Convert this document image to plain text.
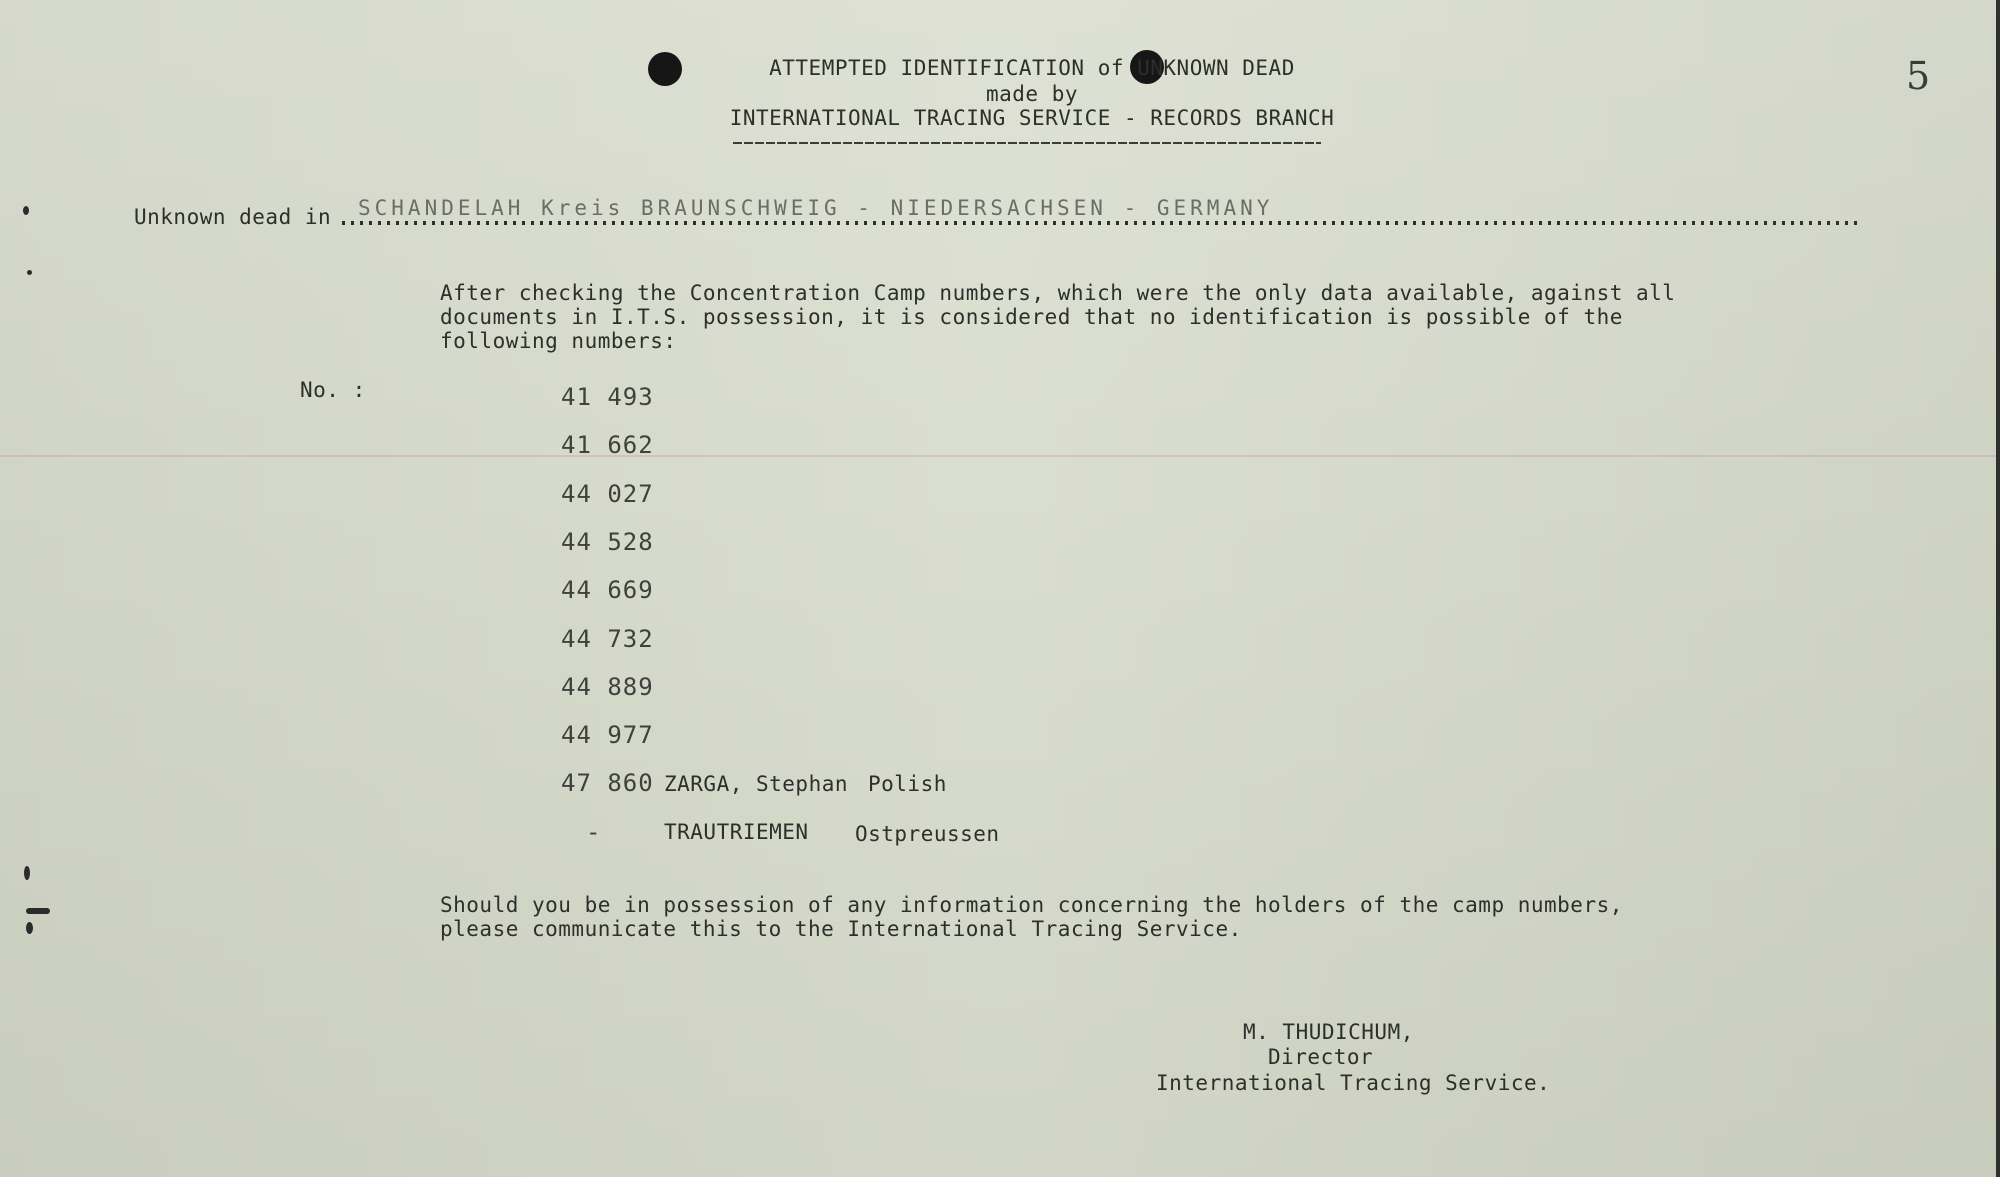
ATTEMPTED IDENTIFICATION of UNKNOWN DEAD
made by
INTERNATIONAL TRACING SERVICE - RECORDS BRANCH
5
Unknown dead in SCHANDELAH Kreis BRAUNSCHWEIG - NIEDERSACHSEN - GERMANY
After checking the Concentration Camp numbers, which were the only data available, against all
documents in I.T.S. possession, it is considered that no identification is possible of the
following numbers:
No. :	41 493
41 662
44 027
44 528
44 669
44 732
44 889
44 977
47 860 ZARGA, Stephan Polish
-	TRAUTRIEMEN Ostpreussen
Should you be in possession of any information concerning the holders of the camp numbers,
please communicate this to the International Tracing Service.
M. THUDICHUM,
Director
International Tracing Service.
